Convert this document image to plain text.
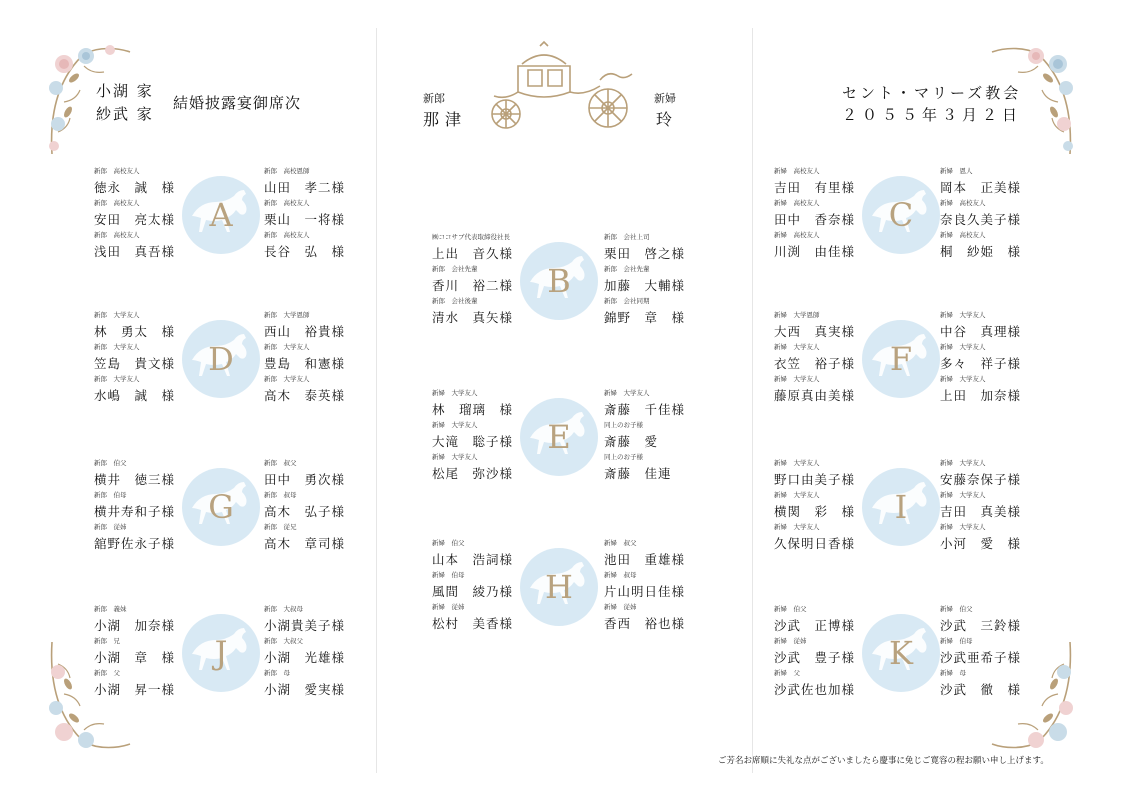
小湖 家
紗武 家
結婚披露宴御席次	新郎
那津
新婦
玲
セント・マリーズ教会
２０５５年３月２日
ご芳名お席順に失礼な点がございましたら慶事に免じご寛容の程お願い申し上げます。
A
新郎　高校友人
徳永　誠　様
新郎　高校友人
安田　亮太様
新郎　高校友人
浅田　真吾様
新郎　高校恩師
山田　孝二様
新郎　高校友人
栗山　一将様
新郎　高校友人
長谷　弘　様
B
㈱ココサブ代表取締役社長
上出　音久様
新郎　会社先輩
香川　裕二様
新郎　会社後輩
清水　真矢様
新郎　会社上司
栗田　啓之様
新郎　会社先輩
加藤　大輔様
新郎　会社同期
錦野　章　様
C
新婦　高校友人
吉田　有里様
新婦　高校友人
田中　香奈様
新婦　高校友人
川渕　由佳様
新婦　恩人
岡本　正美様
新婦　高校友人
奈良久美子様
新婦　高校友人
桐　紗姫　様
D
新郎　大学友人
林　勇太　様
新郎　大学友人
笠島　貴文様
新郎　大学友人
水嶋　誠　様
新郎　大学恩師
西山　裕貴様
新郎　大学友人
豊島　和憲様
新郎　大学友人
高木　泰英様
E
新婦　大学友人
林　瑠璃　様
新婦　大学友人
大滝　聡子様
新婦　大学友人
松尾　弥沙様
新婦　大学友人
斎藤　千佳様
同上のお子様
斎藤　愛
同上のお子様
斎藤　佳連
F
新婦　大学恩師
大西　真実様
新婦　大学友人
衣笠　裕子様
新婦　大学友人
藤原真由美様
新婦　大学友人
中谷　真理様
新婦　大学友人
多々　祥子様
新婦　大学友人
上田　加奈様
G
新郎　伯父
横井　徳三様
新郎　伯母
横井寿和子様
新郎　従姉
舘野佐永子様
新郎　叔父
田中　勇次様
新郎　叔母
高木　弘子様
新郎　従兄
高木　章司様
H
新婦　伯父
山本　浩詞様
新婦　伯母
風間　綾乃様
新婦　従姉
松村　美香様
新婦　叔父
池田　重雄様
新婦　叔母
片山明日佳様
新婦　従姉
香西　裕也様
I
新婦　大学友人
野口由美子様
新婦　大学友人
横関　彩　様
新婦　大学友人
久保明日香様
新婦　大学友人
安藤奈保子様
新婦　大学友人
吉田　真美様
新婦　大学友人
小河　愛　様
J
新郎　義妹
小湖　加奈様
新郎　兄
小湖　章　様
新郎　父
小湖　昇一様
新郎　大叔母
小湖貴美子様
新郎　大叔父
小湖　光雄様
新郎　母
小湖　愛実様
K
新婦　伯父
沙武　正博様
新婦　従姉
沙武　豊子様
新婦　父
沙武佐也加様
新婦　伯父
沙武　三鈴様
新婦　伯母
沙武亜希子様
新婦　母
沙武　徹　様
